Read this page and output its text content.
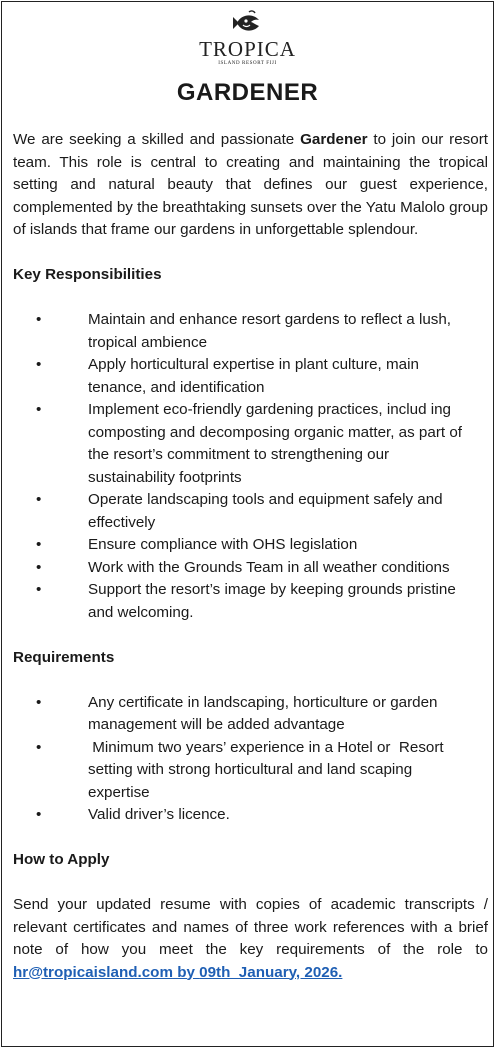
TROPICA
ISLAND RESORT FIJI
GARDENER

We are seeking a skilled and passionate Gardener to join our resort team. This role is central to creating and maintaining the tropical setting and natural beauty that defines our guest experience, complemented by the breathtaking sunsets over the Yatu Malolo group of islands that frame our gardens in unforgettable splendour.

Key Responsibilities

•	Maintain and enhance resort gardens to reflect a lush, tropical ambience
•	Apply horticultural expertise in plant culture, main tenance, and identification
•	Implement eco-friendly gardening practices, includ ing composting and decomposing organic matter, as part of the resort’s commitment to strengthening our sustainability footprints
•	Operate landscaping tools and equipment safely and effectively
•	Ensure compliance with OHS legislation
•	Work with the Grounds Team in all weather conditions
•	Support the resort’s image by keeping grounds pristine and welcoming.

Requirements

•	Any certificate in landscaping, horticulture or garden management will be added advantage
•	Minimum two years’ experience in a Hotel or  Resort     setting with strong horticultural and land scaping  expertise
•	Valid driver’s licence.

How to Apply

Send your updated resume with copies of academic transcripts / relevant certificates and names of three work references with a brief note of how you meet the key requirements of the role to hr@tropicaisland.com by 09th  January, 2026.
